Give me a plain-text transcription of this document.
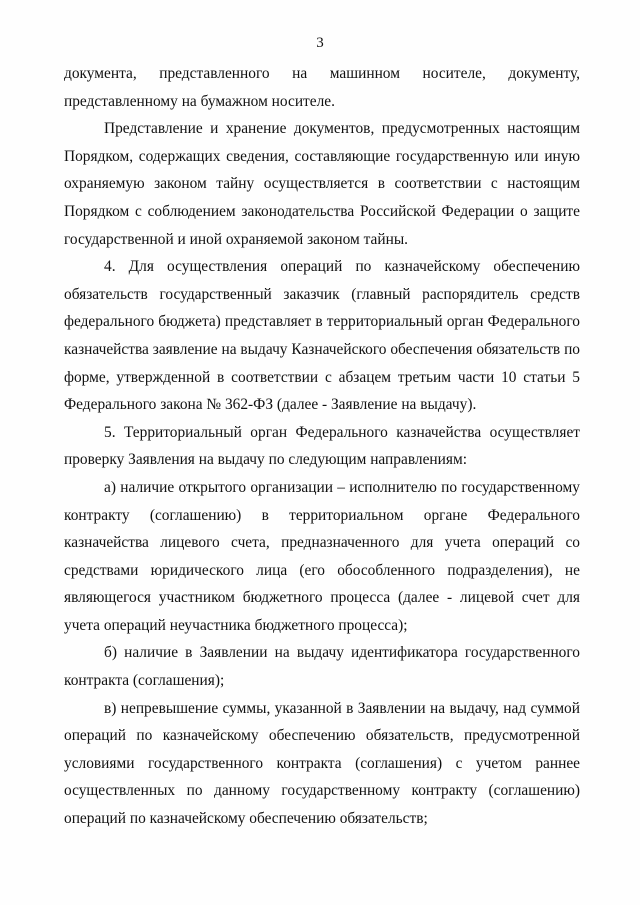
3

документа, представленного на машинном носителе, документу, представленному на бумажном носителе.

Представление и хранение документов, предусмотренных настоящим Порядком, содержащих сведения, составляющие государственную или иную охраняемую законом тайну осуществляется в соответствии с настоящим Порядком с соблюдением законодательства Российской Федерации о защите государственной и иной охраняемой законом тайны.

4. Для осуществления операций по казначейскому обеспечению обязательств государственный заказчик (главный распорядитель средств федерального бюджета) представляет в территориальный орган Федерального казначейства заявление на выдачу Казначейского обеспечения обязательств по форме, утвержденной в соответствии с абзацем третьим части 10 статьи 5 Федерального закона № 362-ФЗ (далее - Заявление на выдачу).

5. Территориальный орган Федерального казначейства осуществляет проверку Заявления на выдачу по следующим направлениям:

а) наличие открытого организации – исполнителю по государственному контракту (соглашению) в территориальном органе Федерального казначейства лицевого счета, предназначенного для учета операций со средствами юридического лица (его обособленного подразделения), не являющегося участником бюджетного процесса (далее - лицевой счет для учета операций неучастника бюджетного процесса);

б) наличие в Заявлении на выдачу идентификатора государственного контракта (соглашения);

в) непревышение суммы, указанной в Заявлении на выдачу, над суммой операций по казначейскому обеспечению обязательств, предусмотренной условиями государственного контракта (соглашения) с учетом раннее осуществленных по данному государственному контракту (соглашению) операций по казначейскому обеспечению обязательств;
